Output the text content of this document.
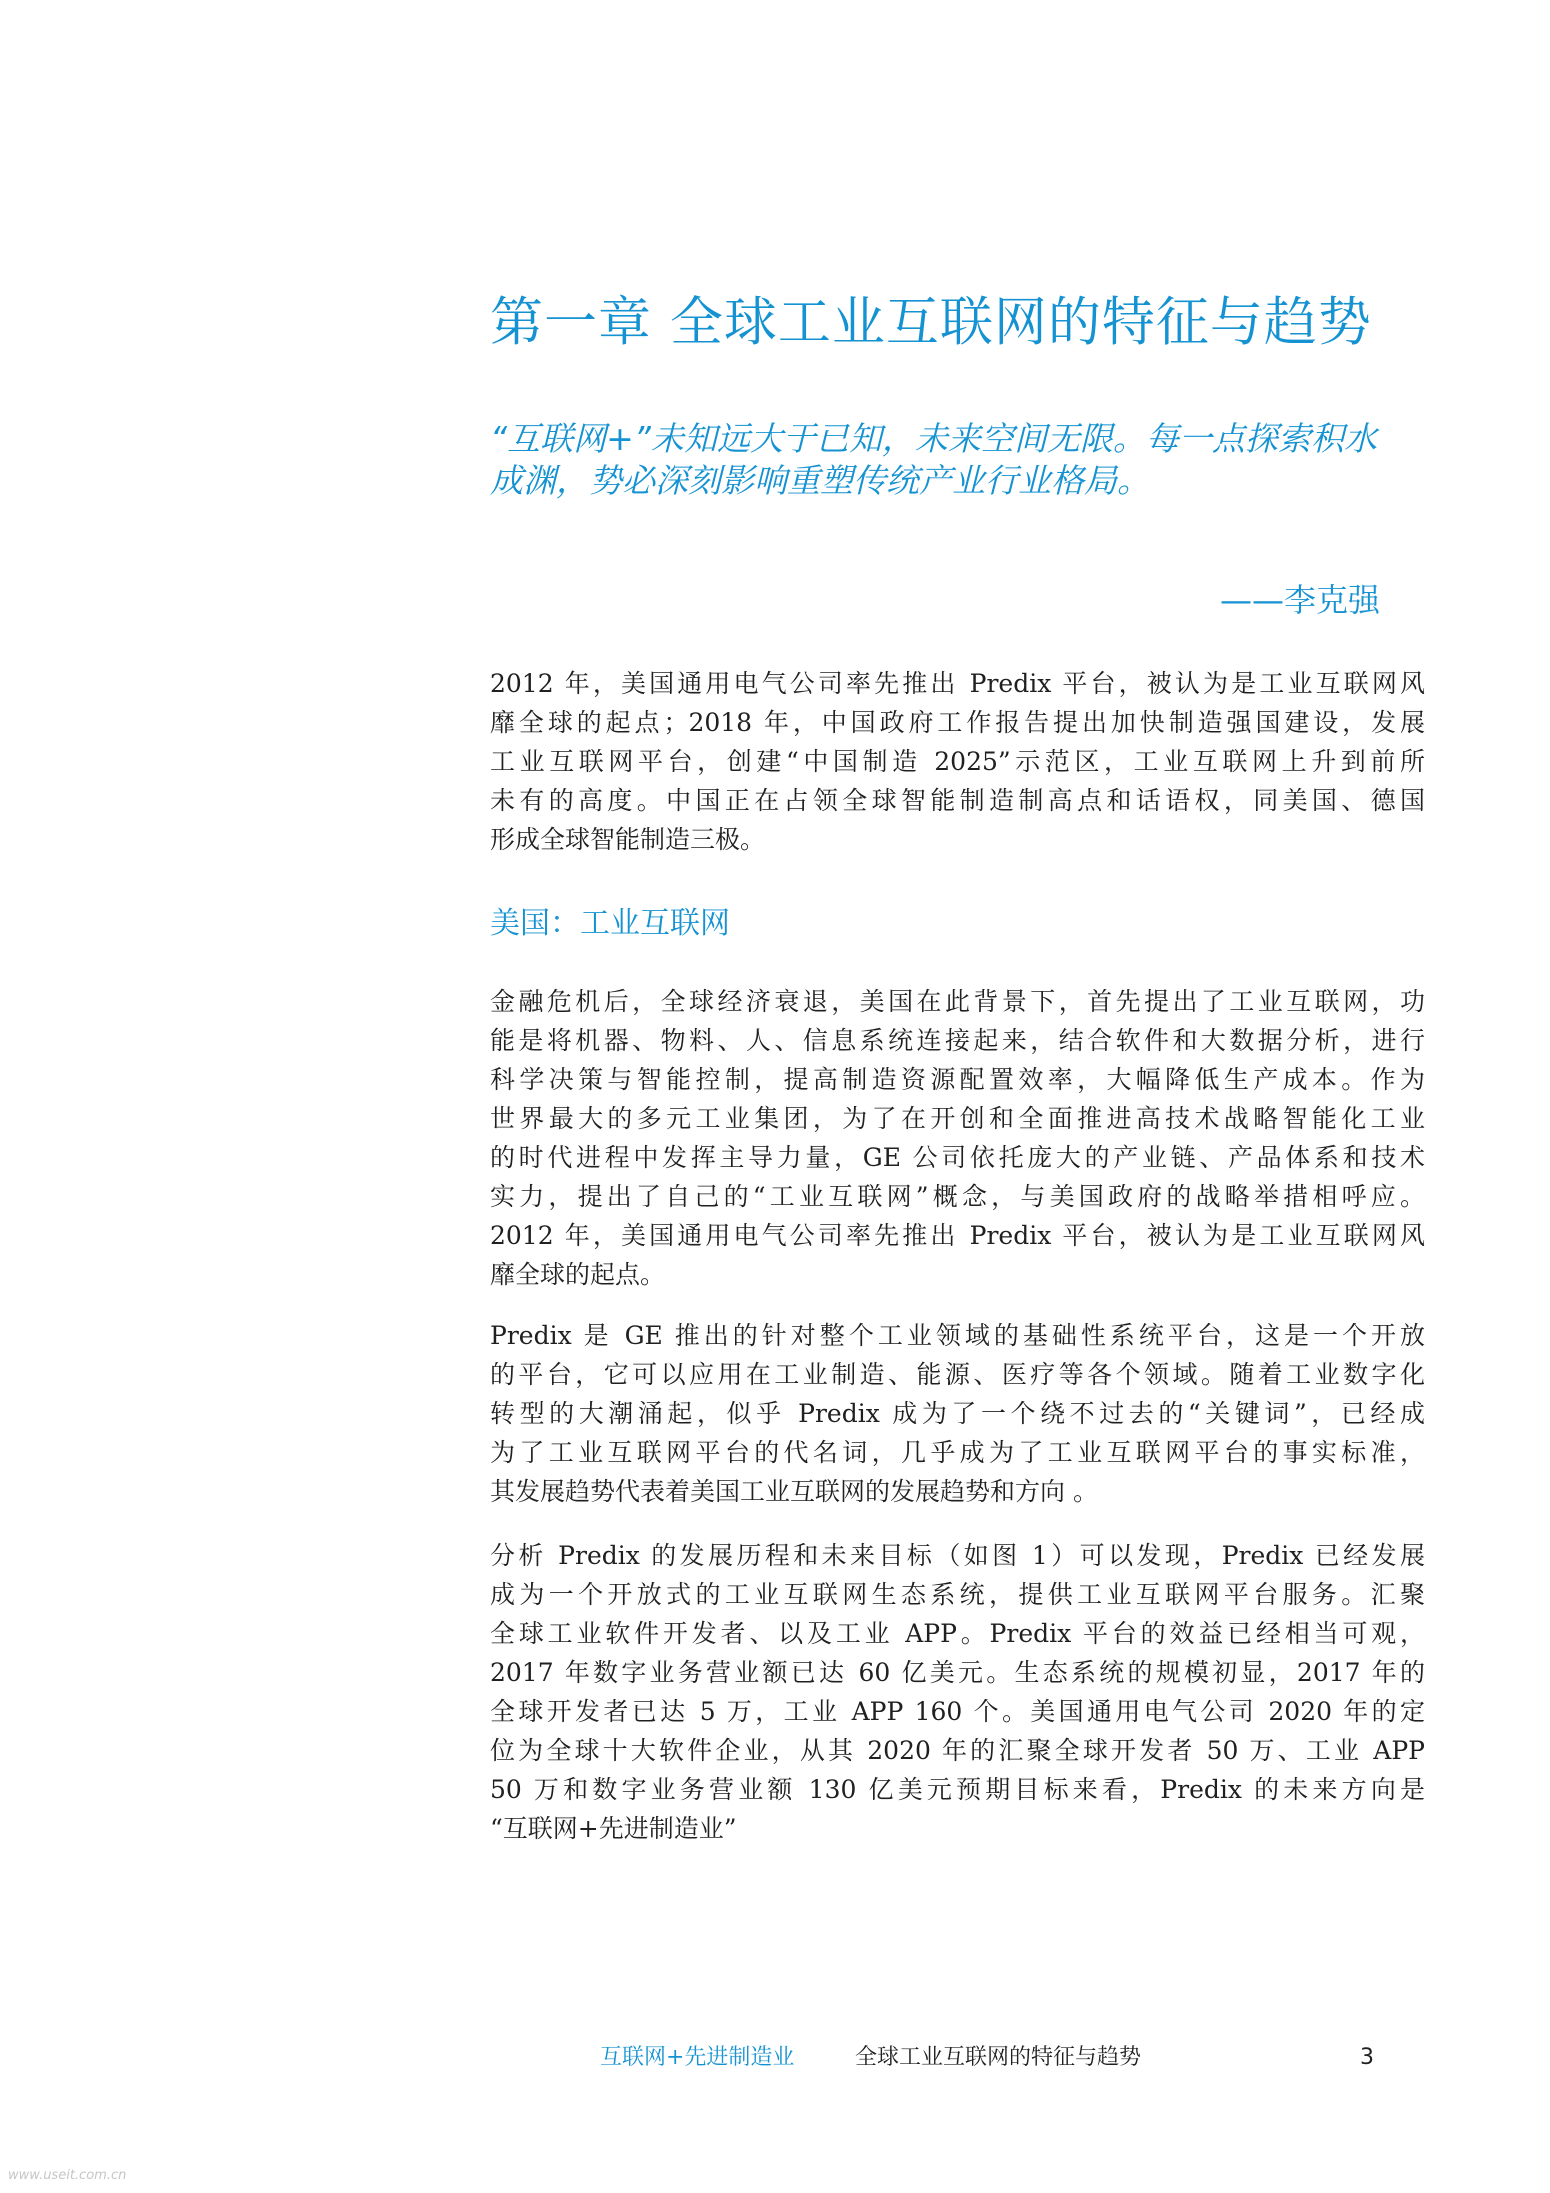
第一章 全球工业互联网的特征与趋势
“互联网+”未知远大于已知，未来空间无限。每一点探索积水
成渊，势必深刻影响重塑传统产业行业格局。
——李克强
2012 年，美国通用电气公司率先推出 Predix 平台，被认为是工业互联网风
靡全球的起点；2018 年，中国政府工作报告提出加快制造强国建设，发展
工业互联网平台，创建“中国制造 2025”示范区，工业互联网上升到前所
未有的高度。中国正在占领全球智能制造制高点和话语权，同美国、德国
形成全球智能制造三极。
美国：工业互联网
金融危机后，全球经济衰退，美国在此背景下，首先提出了工业互联网，功
能是将机器、物料、人、信息系统连接起来，结合软件和大数据分析，进行
科学决策与智能控制，提高制造资源配置效率，大幅降低生产成本。作为
世界最大的多元工业集团，为了在开创和全面推进高技术战略智能化工业
的时代进程中发挥主导力量，GE 公司依托庞大的产业链、产品体系和技术
实力，提出了自己的“工业互联网”概念，与美国政府的战略举措相呼应。
2012 年，美国通用电气公司率先推出 Predix 平台，被认为是工业互联网风
靡全球的起点。
Predix 是 GE 推出的针对整个工业领域的基础性系统平台，这是一个开放
的平台，它可以应用在工业制造、能源、医疗等各个领域。随着工业数字化
转型的大潮涌起，似乎 Predix 成为了一个绕不过去的“关键词”，已经成
为了工业互联网平台的代名词，几乎成为了工业互联网平台的事实标准，
其发展趋势代表着美国工业互联网的发展趋势和方向 。
分析 Predix 的发展历程和未来目标（如图 1）可以发现，Predix 已经发展
成为一个开放式的工业互联网生态系统，提供工业互联网平台服务。汇聚
全球工业软件开发者、以及工业 APP。Predix 平台的效益已经相当可观，
2017 年数字业务营业额已达 60 亿美元。生态系统的规模初显，2017 年的
全球开发者已达 5 万，工业 APP 160 个。美国通用电气公司 2020 年的定
位为全球十大软件企业，从其 2020 年的汇聚全球开发者 50 万、工业 APP
50 万和数字业务营业额 130 亿美元预期目标来看，Predix 的未来方向是
“互联网+先进制造业”
互联网+先进制造业	全球工业互联网的特征与趋势	3
www.useit.com.cn
